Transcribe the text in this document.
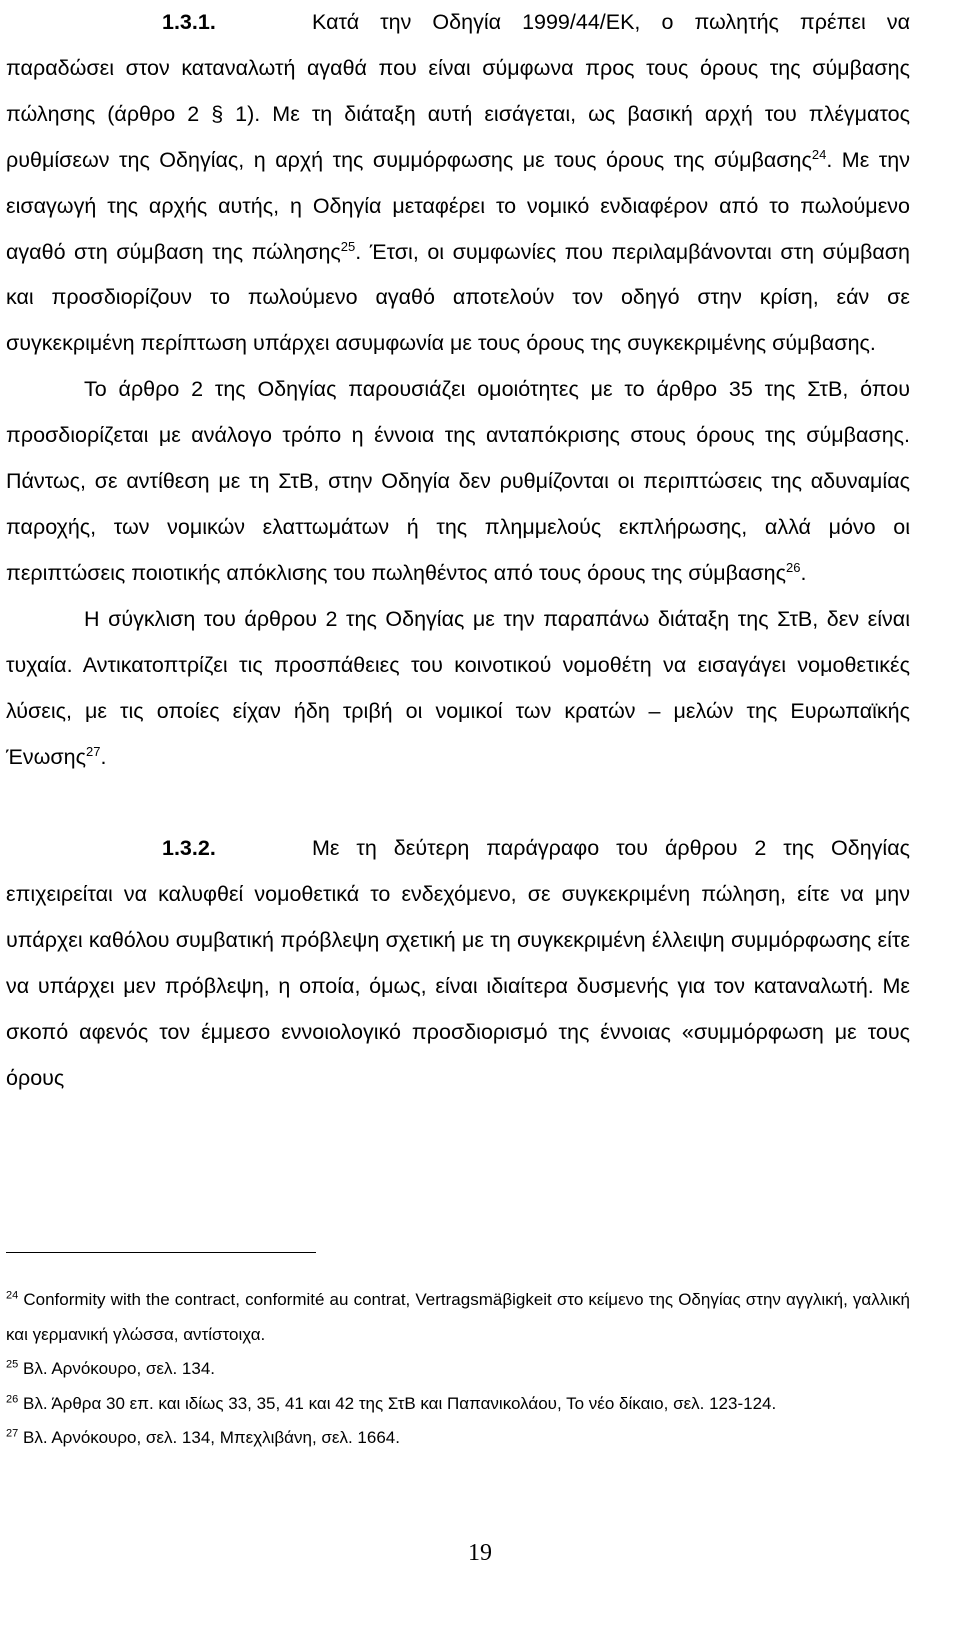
1.3.1.	Κατά την Οδηγία 1999/44/ΕΚ, ο πωλητής πρέπει να παραδώσει στον καταναλωτή αγαθά που είναι σύμφωνα προς τους όρους της σύμβασης πώλησης (άρθρο 2 § 1). Με τη διάταξη αυτή εισάγεται, ως βασική αρχή του πλέγματος ρυθμίσεων της Οδηγίας, η αρχή της συμμόρφωσης με τους όρους της σύμβασης$^{24}$. Με την εισαγωγή της αρχής αυτής, η Οδηγία μεταφέρει το νομικό ενδιαφέρον από το πωλούμενο αγαθό στη σύμβαση της πώλησης$^{25}$. Έτσι, οι συμφωνίες που περιλαμβάνονται στη σύμβαση και προσδιορίζουν το πωλούμενο αγαθό αποτελούν τον οδηγό στην κρίση, εάν σε συγκεκριμένη περίπτωση υπάρχει ασυμφωνία με τους όρους της συγκεκριμένης σύμβασης.

Το άρθρο 2 της Οδηγίας παρουσιάζει ομοιότητες με το άρθρο 35 της ΣτΒ, όπου προσδιορίζεται με ανάλογο τρόπο η έννοια της ανταπόκρισης στους όρους της σύμβασης. Πάντως, σε αντίθεση με τη ΣτΒ, στην Οδηγία δεν ρυθμίζονται οι περιπτώσεις της αδυναμίας παροχής, των νομικών ελαττωμάτων ή της πλημμελούς εκπλήρωσης, αλλά μόνο οι περιπτώσεις ποιοτικής απόκλισης του πωληθέντος από τους όρους της σύμβασης$^{26}$.

Η σύγκλιση του άρθρου 2 της Οδηγίας με την παραπάνω διάταξη της ΣτΒ, δεν είναι τυχαία. Αντικατοπτρίζει τις προσπάθειες του κοινοτικού νομοθέτη να εισαγάγει νομοθετικές λύσεις, με τις οποίες είχαν ήδη τριβή οι νομικοί των κρατών – μελών της Ευρωπαϊκής Ένωσης$^{27}$.

1.3.2.	Με τη δεύτερη παράγραφο του άρθρου 2 της Οδηγίας επιχειρείται να καλυφθεί νομοθετικά το ενδεχόμενο, σε συγκεκριμένη πώληση, είτε να μην υπάρχει καθόλου συμβατική πρόβλεψη σχετική με τη συγκεκριμένη έλλειψη συμμόρφωσης είτε να υπάρχει μεν πρόβλεψη, η οποία, όμως, είναι ιδιαίτερα δυσμενής για τον καταναλωτή. Με σκοπό αφενός τον έμμεσο εννοιολογικό προσδιορισμό της έννοιας «συμμόρφωση με τους όρους

$^{24}$ Conformity with the contract, conformité au contrat, Vertragsmäβigkeit στο κείμενο της Οδηγίας στην αγγλική, γαλλική και γερμανική γλώσσα, αντίστοιχα.

$^{25}$ Βλ. Αρνόκουρο, σελ. 134.

$^{26}$ Βλ. Άρθρα 30 επ. και ιδίως 33, 35, 41 και 42 της ΣτΒ και Παπανικολάου, Το νέο δίκαιο, σελ. 123-124.

$^{27}$ Βλ. Αρνόκουρο, σελ. 134, Μπεχλιβάνη, σελ. 1664.

19
